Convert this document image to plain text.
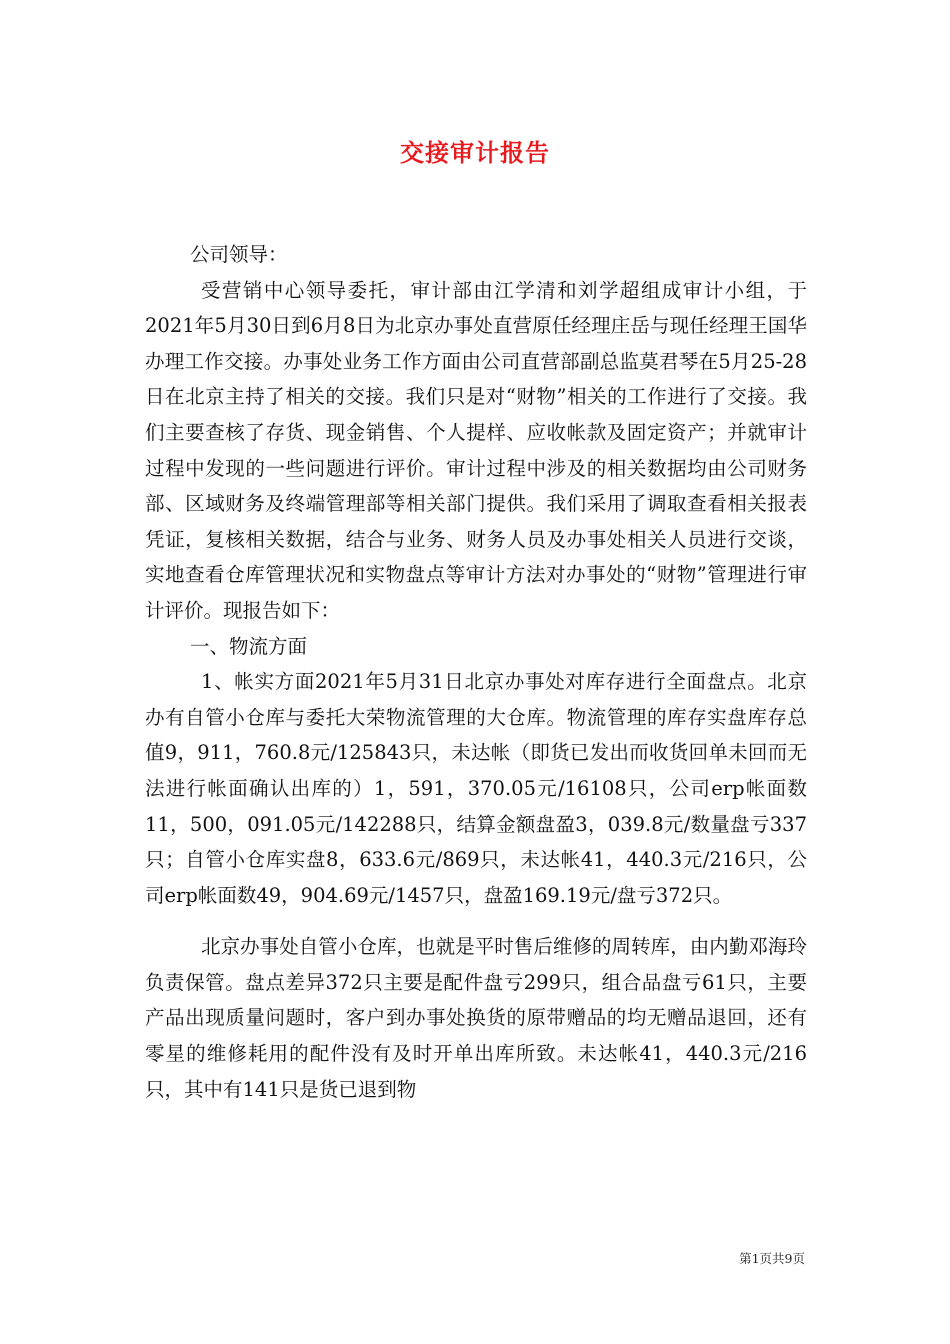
交接审计报告

公司领导：

受营销中心领导委托，审计部由江学清和刘学超组成审计小组，于2021年5月30日到6月8日为北京办事处直营原任经理庄岳与现任经理王国华办理工作交接。办事处业务工作方面由公司直营部副总监莫君琴在5月25-28日在北京主持了相关的交接。我们只是对“财物”相关的工作进行了交接。我们主要查核了存货、现金销售、个人提样、应收帐款及固定资产；并就审计过程中发现的一些问题进行评价。审计过程中涉及的相关数据均由公司财务部、区域财务及终端管理部等相关部门提供。我们采用了调取查看相关报表凭证，复核相关数据，结合与业务、财务人员及办事处相关人员进行交谈，实地查看仓库管理状况和实物盘点等审计方法对办事处的“财物”管理进行审计评价。现报告如下：

一、物流方面

1、帐实方面2021年5月31日北京办事处对库存进行全面盘点。北京办有自管小仓库与委托大荣物流管理的大仓库。物流管理的库存实盘库存总值9，911，760.8元/125843只，未达帐（即货已发出而收货回单未回而无法进行帐面确认出库的）1，591，370.05元/16108只，公司erp帐面数11，500，091.05元/142288只，结算金额盘盈3，039.8元/数量盘亏337只；自管小仓库实盘8，633.6元/869只，未达帐41，440.3元/216只，公司erp帐面数49，904.69元/1457只，盘盈169.19元/盘亏372只。

北京办事处自管小仓库，也就是平时售后维修的周转库，由内勤邓海玲负责保管。盘点差异372只主要是配件盘亏299只，组合品盘亏61只，主要产品出现质量问题时，客户到办事处换货的原带赠品的均无赠品退回，还有零星的维修耗用的配件没有及时开单出库所致。未达帐41，440.3元/216只，其中有141只是货已退到物

第1页共9页
